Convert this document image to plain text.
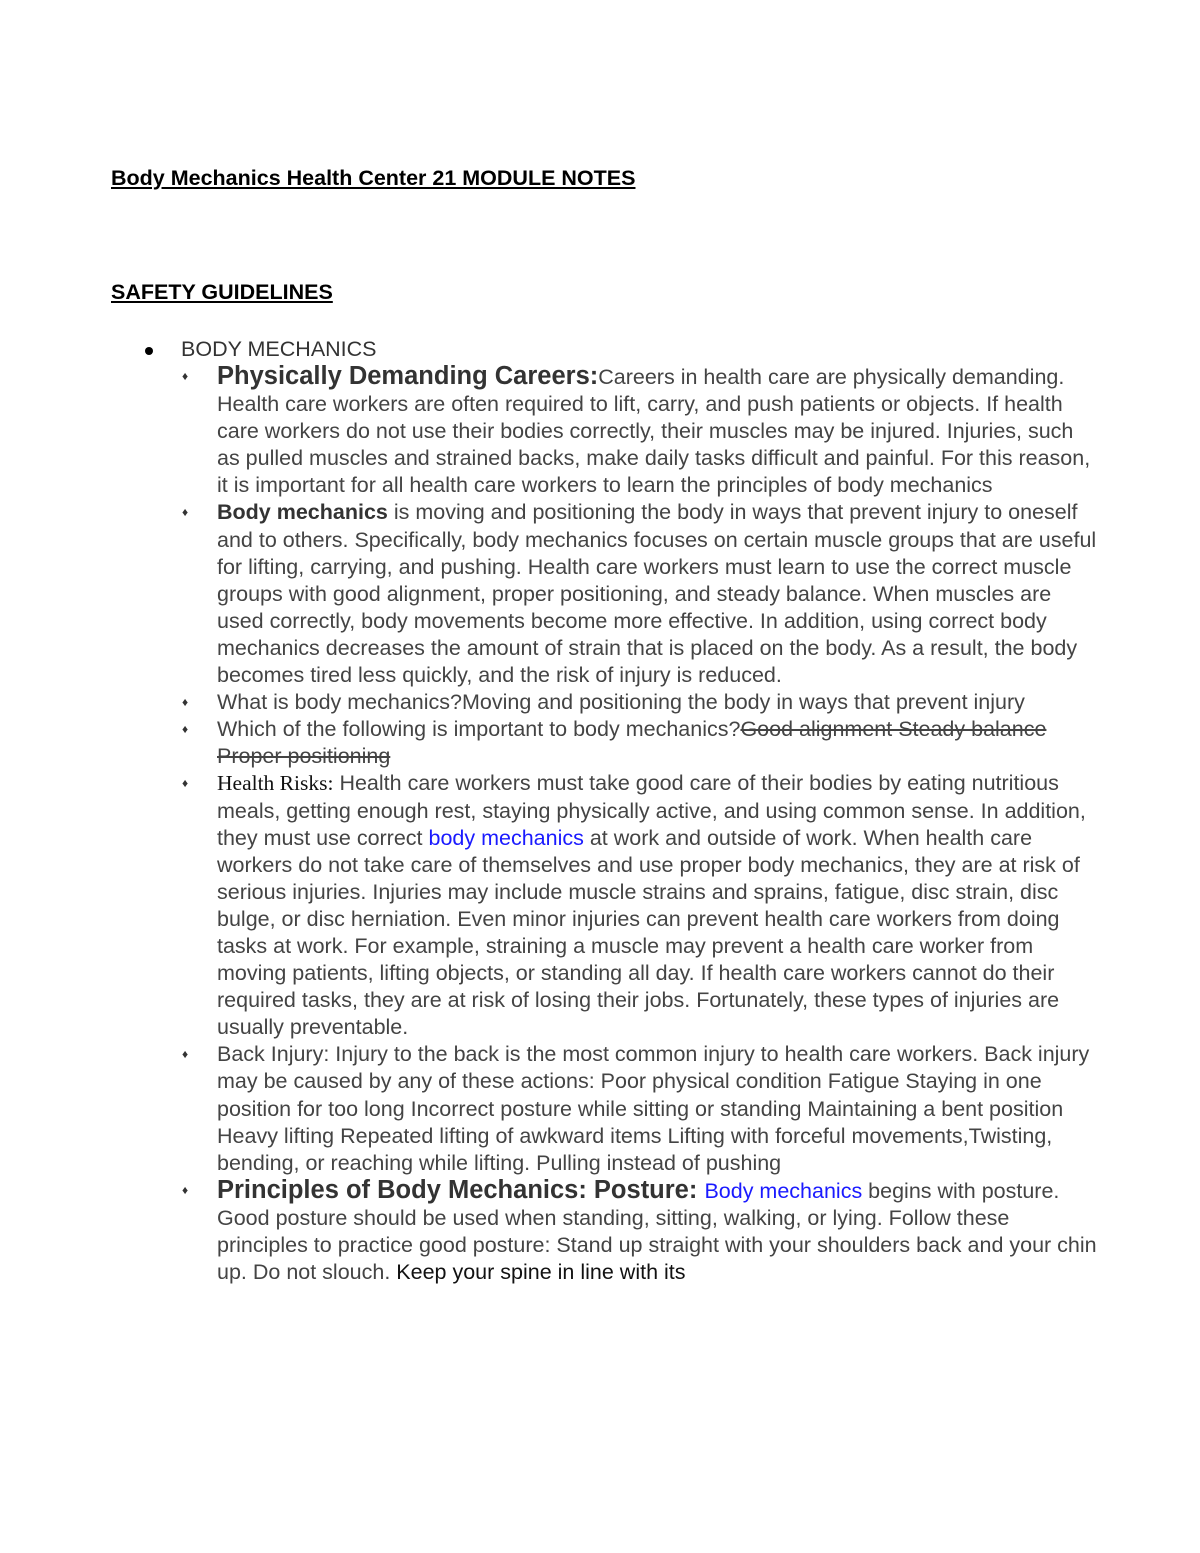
Body Mechanics Health Center 21 MODULE NOTES
SAFETY GUIDELINES
BODY MECHANICS
♦ Physically Demanding Careers:Careers in health care are physically demanding. Health care workers are often required to lift, carry, and push patients or objects. If health care workers do not use their bodies correctly, their muscles may be injured. Injuries, such as pulled muscles and strained backs, make daily tasks difficult and painful. For this reason, it is important for all health care workers to learn the principles of body mechanics
♦ Body mechanics is moving and positioning the body in ways that prevent injury to oneself and to others. Specifically, body mechanics focuses on certain muscle groups that are useful for lifting, carrying, and pushing. Health care workers must learn to use the correct muscle groups with good alignment, proper positioning, and steady balance. When muscles are used correctly, body movements become more effective. In addition, using correct body mechanics decreases the amount of strain that is placed on the body. As a result, the body becomes tired less quickly, and the risk of injury is reduced.
♦ What is body mechanics?Moving and positioning the body in ways that prevent injury
♦ Which of the following is important to body mechanics?Good alignment Steady balance Proper positioning
♦ Health Risks: Health care workers must take good care of their bodies by eating nutritious meals, getting enough rest, staying physically active, and using common sense. In addition, they must use correct body mechanics at work and outside of work. When health care workers do not take care of themselves and use proper body mechanics, they are at risk of serious injuries. Injuries may include muscle strains and sprains, fatigue, disc strain, disc bulge, or disc herniation. Even minor injuries can prevent health care workers from doing tasks at work. For example, straining a muscle may prevent a health care worker from moving patients, lifting objects, or standing all day. If health care workers cannot do their required tasks, they are at risk of losing their jobs. Fortunately, these types of injuries are usually preventable.
♦ Back Injury: Injury to the back is the most common injury to health care workers. Back injury may be caused by any of these actions: Poor physical condition Fatigue Staying in one position for too long Incorrect posture while sitting or standing Maintaining a bent position Heavy lifting Repeated lifting of awkward items Lifting with forceful movements,Twisting, bending, or reaching while lifting. Pulling instead of pushing
♦ Principles of Body Mechanics: Posture: Body mechanics begins with posture. Good posture should be used when standing, sitting, walking, or lying. Follow these principles to practice good posture: Stand up straight with your shoulders back and your chin up. Do not slouch. Keep your spine in line with its
